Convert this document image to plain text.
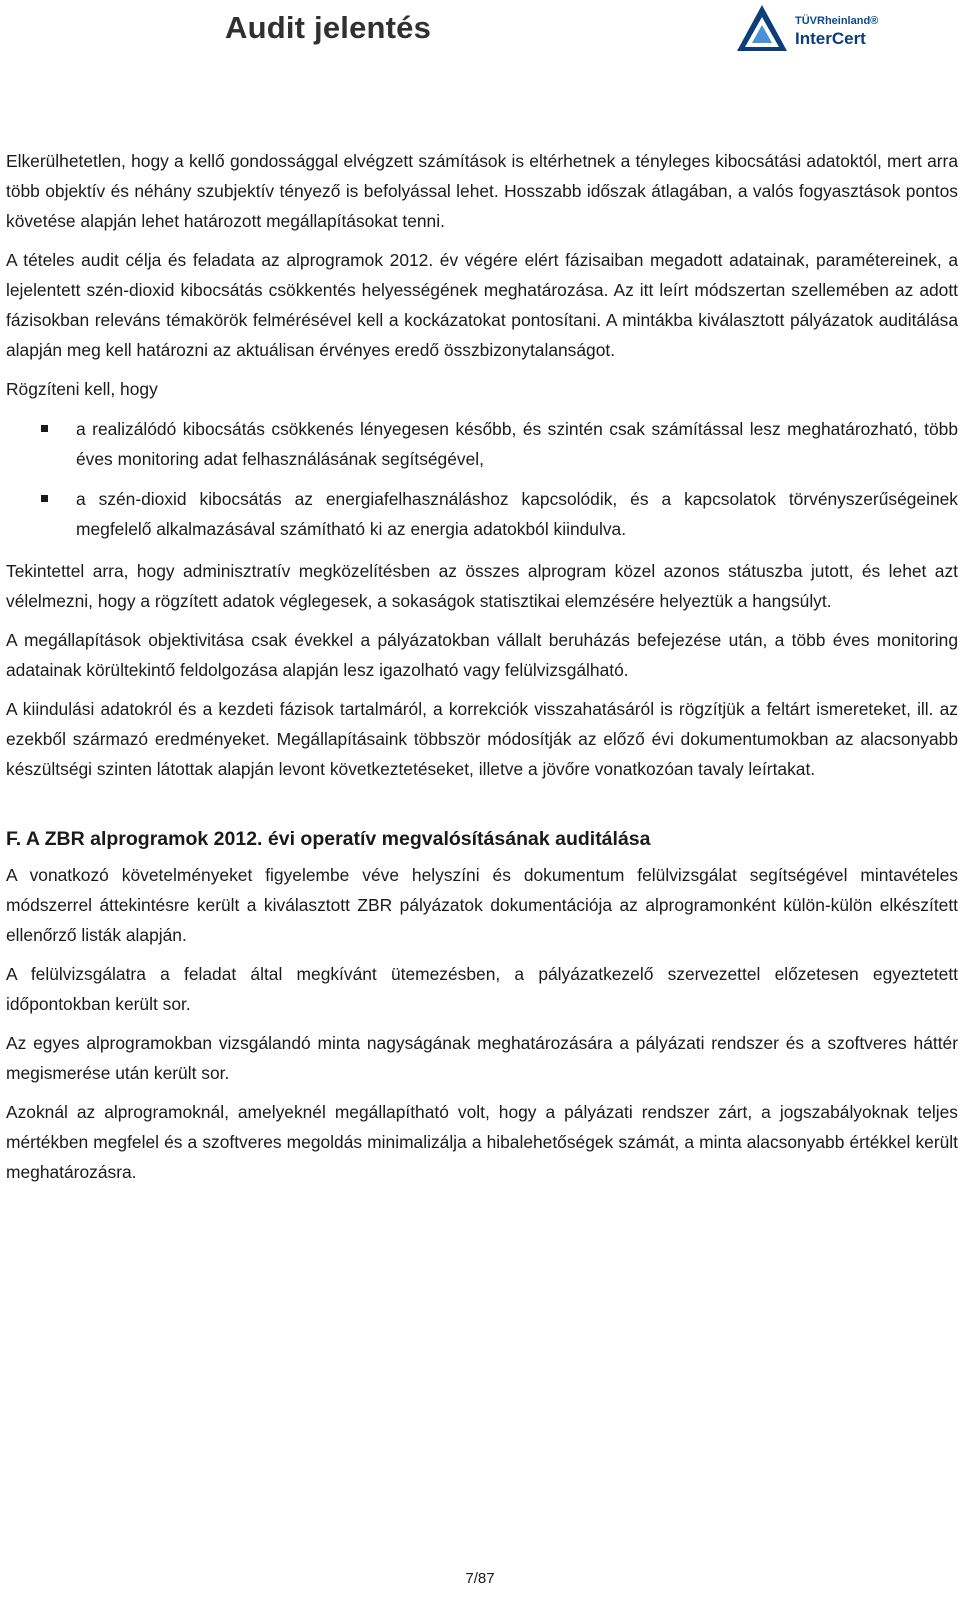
Audit jelentés	TÜVRheinland®
InterCert

Elkerülhetetlen, hogy a kellő gondossággal elvégzett számítások is eltérhetnek a tényleges kibocsátási adatoktól, mert arra több objektív és néhány szubjektív tényező is befolyással lehet. Hosszabb időszak átlagában, a valós fogyasztások pontos követése alapján lehet határozott megállapításokat tenni.

A tételes audit célja és feladata az alprogramok 2012. év végére elért fázisaiban megadott adatainak, paramétereinek, a lejelentett szén-dioxid kibocsátás csökkentés helyességének meghatározása. Az itt leírt módszertan szellemében az adott fázisokban releváns témakörök felmérésével kell a kockázatokat pontosítani. A mintákba kiválasztott pályázatok auditálása alapján meg kell határozni az aktuálisan érvényes eredő összbizonytalanságot.

Rögzíteni kell, hogy

a realizálódó kibocsátás csökkenés lényegesen később, és szintén csak számítással lesz meghatározható, több éves monitoring adat felhasználásának segítségével,
a szén-dioxid kibocsátás az energiafelhasználáshoz kapcsolódik, és a kapcsolatok törvényszerűségeinek megfelelő alkalmazásával számítható ki az energia adatokból kiindulva.

Tekintettel arra, hogy adminisztratív megközelítésben az összes alprogram közel azonos státuszba jutott, és lehet azt vélelmezni, hogy a rögzített adatok véglegesek, a sokaságok statisztikai elemzésére helyeztük a hangsúlyt.

A megállapítások objektivitása csak évekkel a pályázatokban vállalt beruházás befejezése után, a több éves monitoring adatainak körültekintő feldolgozása alapján lesz igazolható vagy felülvizsgálható.

A kiindulási adatokról és a kezdeti fázisok tartalmáról, a korrekciók visszahatásáról is rögzítjük a feltárt ismereteket, ill. az ezekből származó eredményeket. Megállapításaink többször módosítják az előző évi dokumentumokban az alacsonyabb készültségi szinten látottak alapján levont következtetéseket, illetve a jövőre vonatkozóan tavaly leírtakat.

F. A ZBR alprogramok 2012. évi operatív megvalósításának auditálása

A vonatkozó követelményeket figyelembe véve helyszíni és dokumentum felülvizsgálat segítségével mintavételes módszerrel áttekintésre került a kiválasztott ZBR pályázatok dokumentációja az alprogramonként külön-külön elkészített ellenőrző listák alapján.

A felülvizsgálatra a feladat által megkívánt ütemezésben, a pályázatkezelő szervezettel előzetesen egyeztetett időpontokban került sor.

Az egyes alprogramokban vizsgálandó minta nagyságának meghatározására a pályázati rendszer és a szoftveres háttér megismerése után került sor.

Azoknál az alprogramoknál, amelyeknél megállapítható volt, hogy a pályázati rendszer zárt, a jogszabályoknak teljes mértékben megfelel és a szoftveres megoldás minimalizálja a hibalehetőségek számát, a minta alacsonyabb értékkel került meghatározásra.

7/87
